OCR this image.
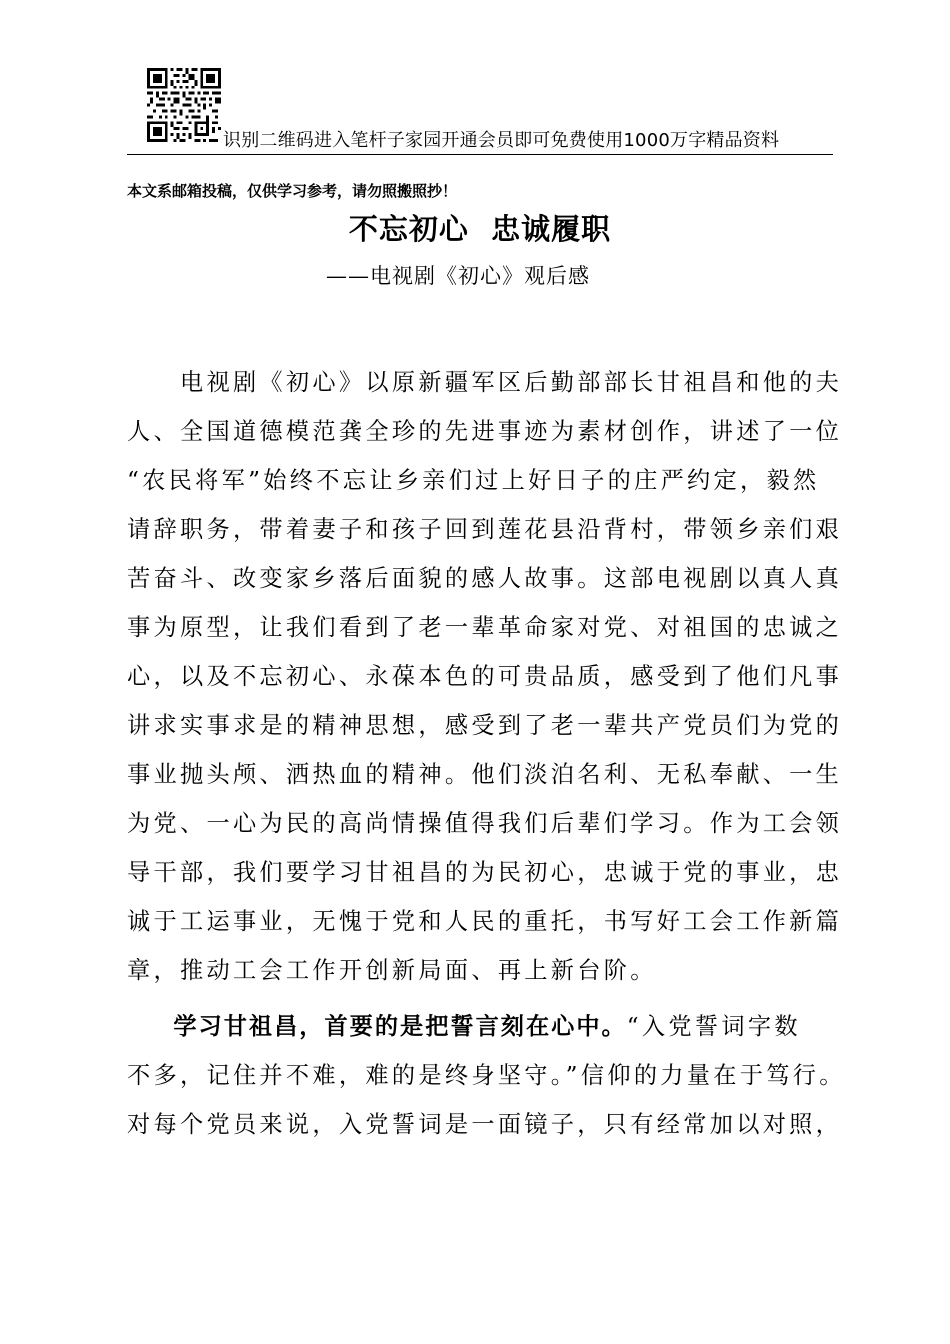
识别二维码进入笔杆子家园开通会员即可免费使用1000万字精品资料
本文系邮箱投稿，仅供学习参考，请勿照搬照抄！
不忘初心  忠诚履职
——电视剧《初心》观后感
　　电视剧《初心》以原新疆军区后勤部部长甘祖昌和他的夫
人、全国道德模范龚全珍的先进事迹为素材创作，讲述了一位
“农民将军”始终不忘让乡亲们过上好日子的庄严约定，毅然
请辞职务，带着妻子和孩子回到莲花县沿背村，带领乡亲们艰
苦奋斗、改变家乡落后面貌的感人故事。这部电视剧以真人真
事为原型，让我们看到了老一辈革命家对党、对祖国的忠诚之
心，以及不忘初心、永葆本色的可贵品质，感受到了他们凡事
讲求实事求是的精神思想，感受到了老一辈共产党员们为党的
事业抛头颅、洒热血的精神。他们淡泊名利、无私奉献、一生
为党、一心为民的高尚情操值得我们后辈们学习。作为工会领
导干部，我们要学习甘祖昌的为民初心，忠诚于党的事业，忠
诚于工运事业，无愧于党和人民的重托，书写好工会工作新篇
章，推动工会工作开创新局面、再上新台阶。
　　学习甘祖昌，首要的是把誓言刻在心中。“入党誓词字数
不多，记住并不难，难的是终身坚守。”信仰的力量在于笃行。
对每个党员来说，入党誓词是一面镜子，只有经常加以对照，
